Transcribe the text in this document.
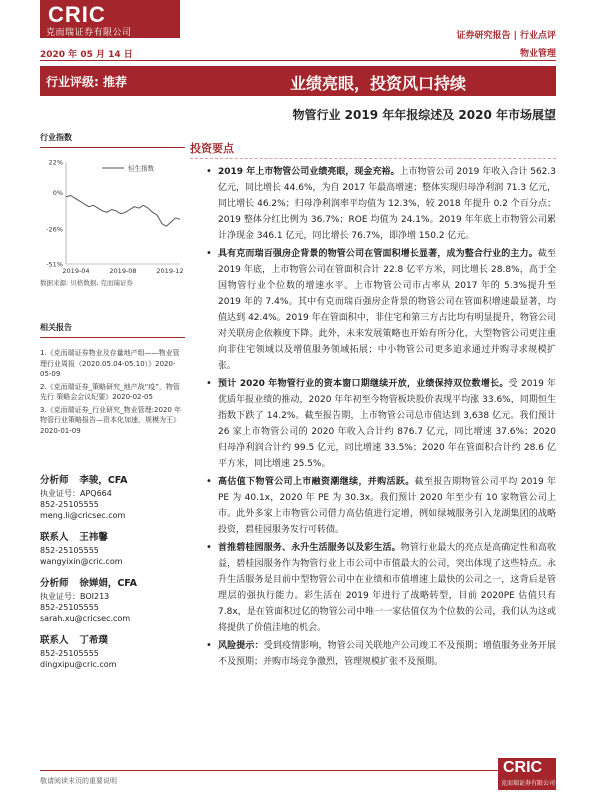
CRIC
克而瑞证券有限公司	证券研究报告 | 行业点评
2020 年 05 月 14 日	物业管理
行业评级: 推荐	业绩亮眼，投资风口持续
物管行业 2019 年年报综述及 2020 年市场展望
行业指数
22%
0%
-26%
-51%
2019-04	2019-08	2019-12
恒生指数
数据来源: 贝格数据, 克而瑞证券
相关报告

1.《克而瑞证券物业及存量地产组——物业管理行业周报（2020.05.04-05.10）》2020-05-09

2.《克而瑞证券_策略研究_地产战“疫”，物管先行 策略会会议纪要》2020-02-05

3.《克而瑞证券_行业研究_物业管理:2020 年物管行业策略报告—资本化加速，规模为王》2020-01-09

分析师 李骏，CFA
执业证号：APQ664
852-25105555
meng.li@cricsec.com
联系人 王祎馨
852-25105555
wangyixin@cric.com
分析师 徐婵娟，CFA
执业证号：BOI213
852-25105555
sarah.xu@cricsec.com
联系人 丁希璞
852-25105555
dingxipu@cric.com
投资要点
• 2019 年上市物管公司业绩亮眼，现金充裕。上市物管公司 2019 年收入合计 562.3 亿元，同比增长 44.6%，为自 2017 年最高增速；整体实现归母净利润 71.3 亿元，同比增长 46.2%；归母净利润率平均值为 12.3%，较 2018 年提升 0.2 个百分点；2019 整体分红比例为 36.7%；ROE 均值为 24.1%。2019 年年底上市物管公司累计净现金 346.1 亿元，同比增长 76.7%，即净增 150.2 亿元。
• 具有克而瑞百强房企背景的物管公司在管面积增长显著，成为整合行业的主力。截至 2019 年底，上市物管公司在管面积合计 22.8 亿平方米，同比增长 28.8%，高于全国物管行业个位数的增速水平。上市物管公司市占率从 2017 年的 5.3%提升至 2019 年的 7.4%。其中有克而瑞百强房企背景的物管公司在管面积增速最显著，均值达到 42.4%。2019 年在管面积中，非住宅和第三方占比均有明显提升，物管公司对关联房企依赖度下降。此外，未来发展策略也开始有所分化，大型物管公司更注重向非住宅领域以及增值服务领域拓展；中小物管公司更多追求通过并购寻求规模扩张。
• 预计 2020 年物管行业的资本窗口期继续开放，业绩保持双位数增长。受 2019 年优质年报业绩的推动，2020 年年初至今物管板块股价表现平均涨 33.6%，同期恒生指数下跌了 14.2%。截至报告期，上市物管公司总市值达到 3,638 亿元。我们预计 26 家上市物管公司的 2020 年收入合计约 876.7 亿元，同比增速 37.6%；2020 归母净利润合计约 99.5 亿元，同比增速 33.5%；2020 年在管面积合计约 28.6 亿平方米，同比增速 25.5%。
• 高估值下物管公司上市融资潮继续，并购活跃。截至报告期物管公司平均 2019 年 PE 为 40.1x，2020 年 PE 为 30.3x。我们预计 2020 年至少有 10 家物管公司上市。此外多家上市物管公司借力高估值进行定增，例如绿城服务引入龙湖集团的战略投资，碧桂园服务发行可转债。
• 首推碧桂园服务、永升生活服务以及彩生活。物管行业最大的亮点是高确定性和高收益，碧桂园服务作为物管行业上市公司中市值最大的公司，突出体现了这些特点。永升生活服务是目前中型物管公司中在业绩和市值增速上最快的公司之一，这背后是管理层的强执行能力。彩生活在 2019 年进行了战略转型，目前 2020PE 估值只有 7.8x，是在管面积过亿的物管公司中唯一一家估值仅为个位数的公司，我们认为这或将提供了价值洼地的机会。
• 风险提示：受到疫情影响，物管公司关联地产公司竣工不及预期；增值服务业务开展不及预期；并购市场竞争激烈，管理规模扩张不及预期。
敬请阅读末页的重要说明
CRIC
克而瑞证券有限公司
